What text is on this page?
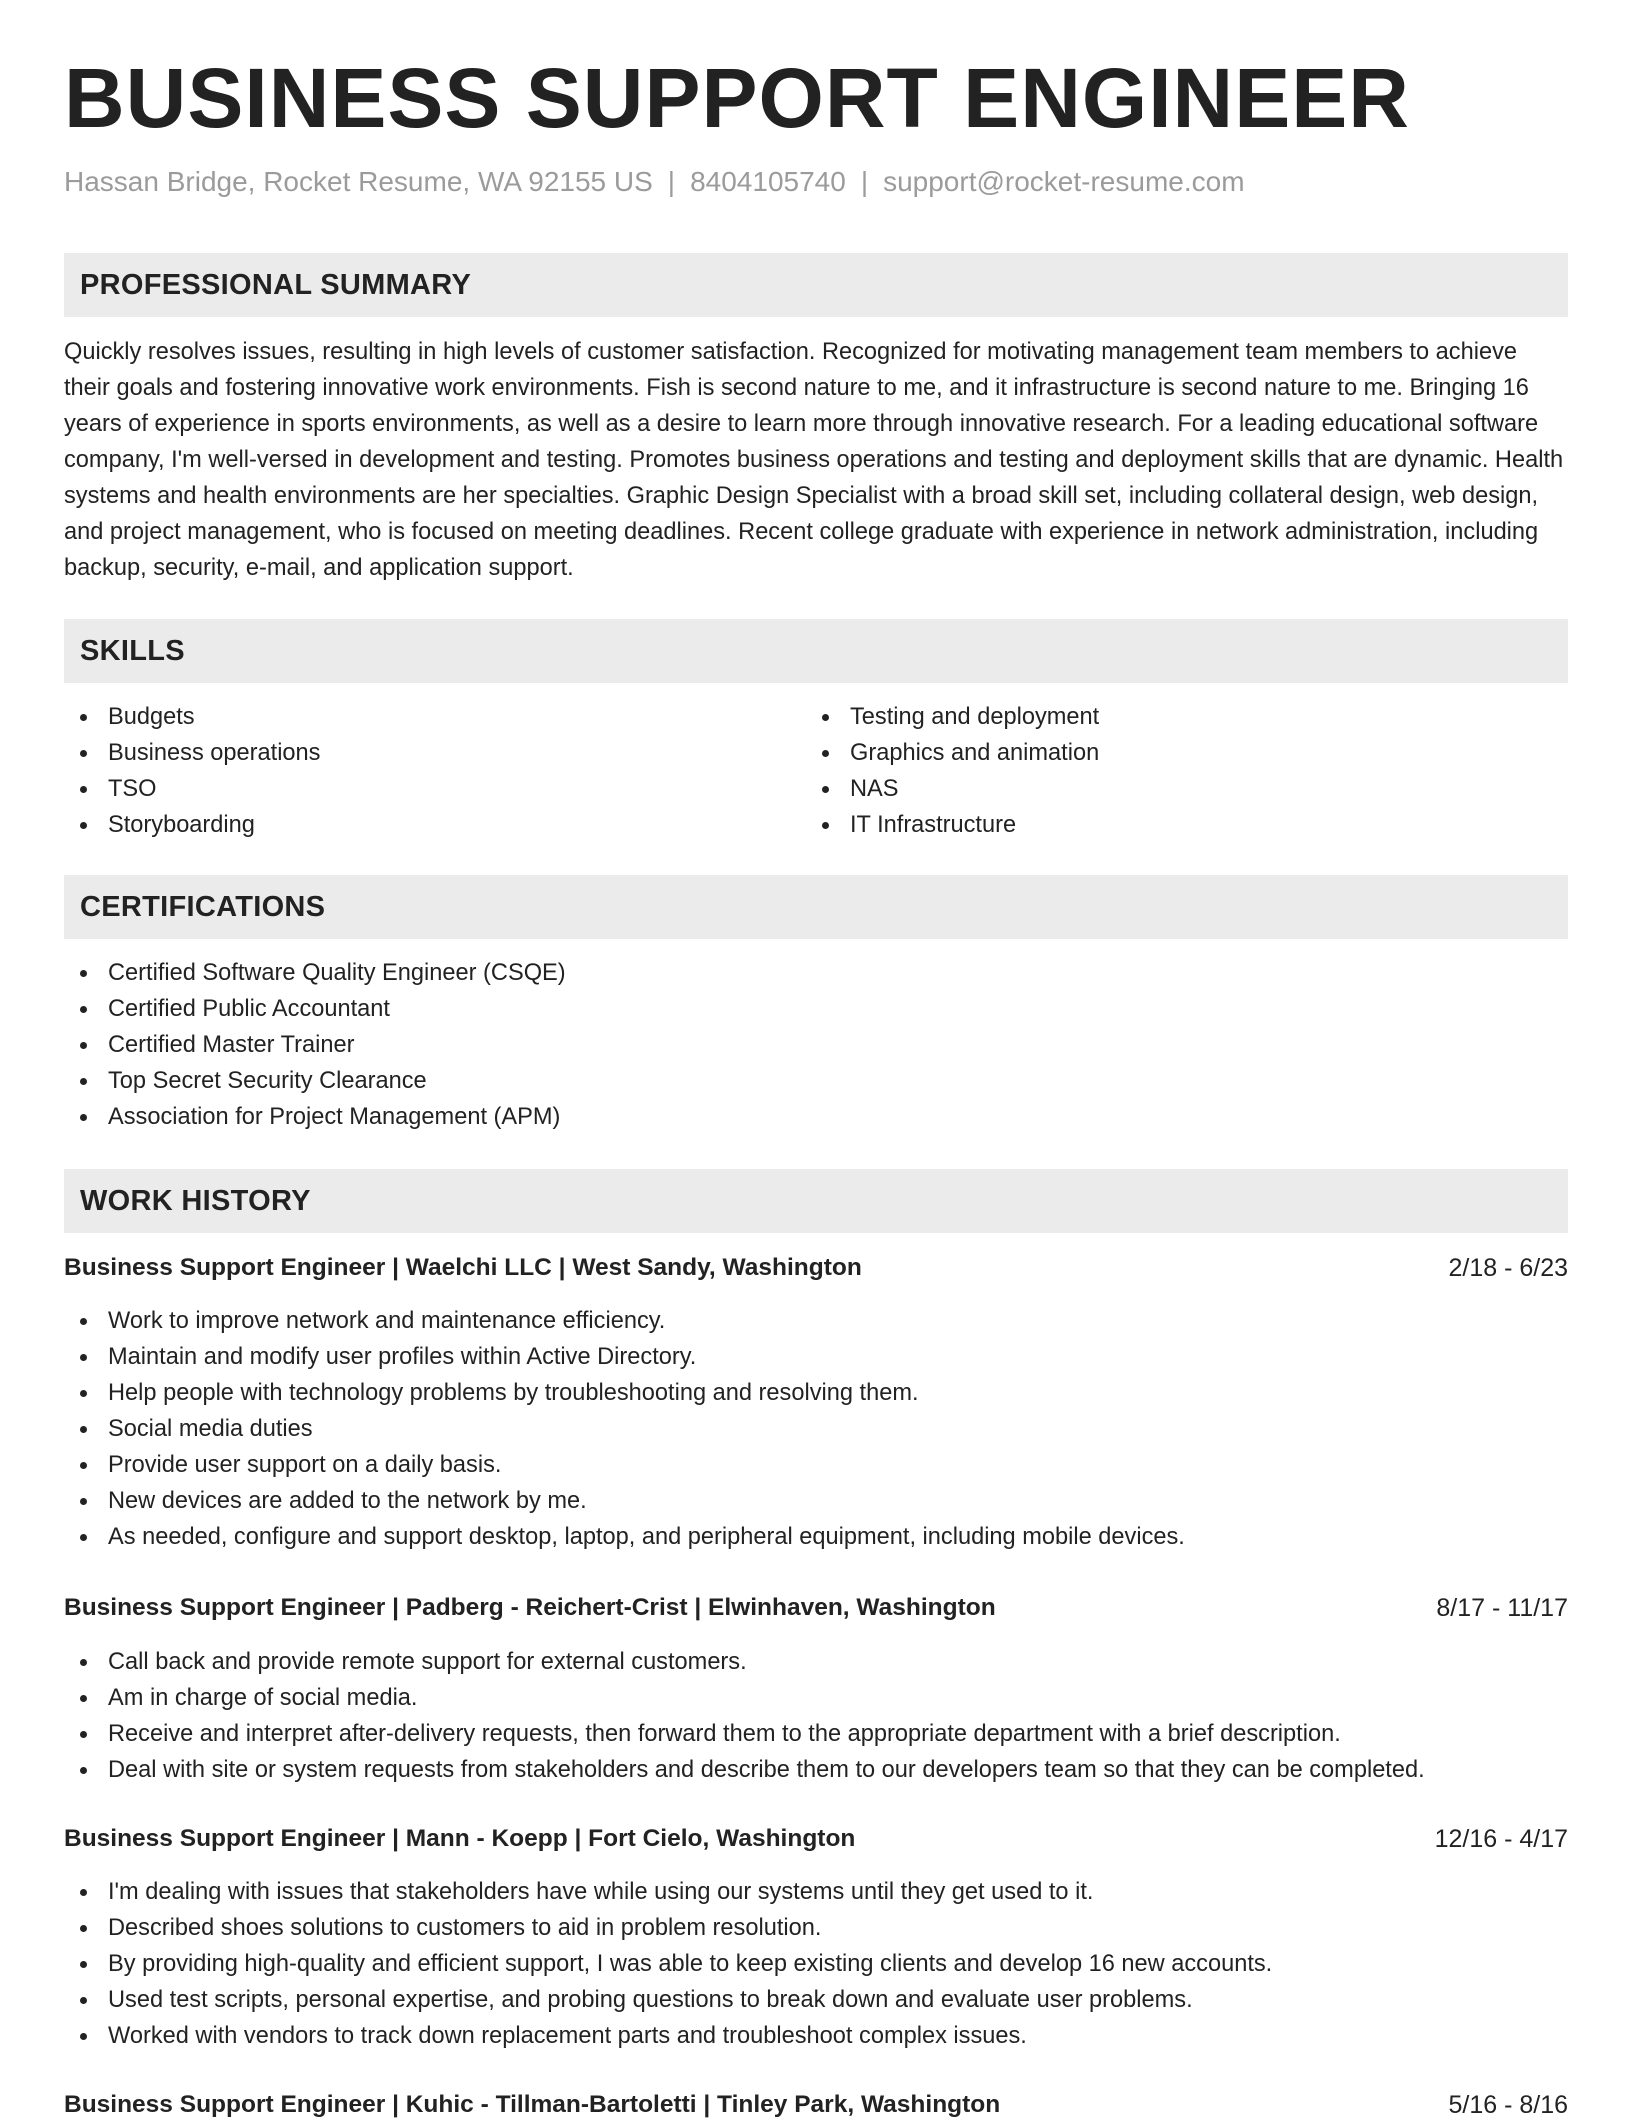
BUSINESS SUPPORT ENGINEER
Hassan Bridge, Rocket Resume, WA 92155 US | 8404105740 | support@rocket-resume.com
PROFESSIONAL SUMMARY

Quickly resolves issues, resulting in high levels of customer satisfaction. Recognized for motivating management team members to achieve their goals and fostering innovative work environments. Fish is second nature to me, and it infrastructure is second nature to me. Bringing 16 years of experience in sports environments, as well as a desire to learn more through innovative research. For a leading educational software company, I'm well-versed in development and testing. Promotes business operations and testing and deployment skills that are dynamic. Health systems and health environments are her specialties. Graphic Design Specialist with a broad skill set, including collateral design, web design, and project management, who is focused on meeting deadlines. Recent college graduate with experience in network administration, including backup, security, e-mail, and application support.

SKILLS
Budgets
Business operations
TSO
Storyboarding
Testing and deployment
Graphics and animation
NAS
IT Infrastructure
CERTIFICATIONS
Certified Software Quality Engineer (CSQE)
Certified Public Accountant
Certified Master Trainer
Top Secret Security Clearance
Association for Project Management (APM)
WORK HISTORY
Business Support Engineer | Waelchi LLC | West Sandy, Washington	2/18 - 6/23
Work to improve network and maintenance efficiency.
Maintain and modify user profiles within Active Directory.
Help people with technology problems by troubleshooting and resolving them.
Social media duties
Provide user support on a daily basis.
New devices are added to the network by me.
As needed, configure and support desktop, laptop, and peripheral equipment, including mobile devices.
Business Support Engineer | Padberg - Reichert-Crist | Elwinhaven, Washington	8/17 - 11/17
Call back and provide remote support for external customers.
Am in charge of social media.
Receive and interpret after-delivery requests, then forward them to the appropriate department with a brief description.
Deal with site or system requests from stakeholders and describe them to our developers team so that they can be completed.
Business Support Engineer | Mann - Koepp | Fort Cielo, Washington	12/16 - 4/17
I'm dealing with issues that stakeholders have while using our systems until they get used to it.
Described shoes solutions to customers to aid in problem resolution.
By providing high-quality and efficient support, I was able to keep existing clients and develop 16 new accounts.
Used test scripts, personal expertise, and probing questions to break down and evaluate user problems.
Worked with vendors to track down replacement parts and troubleshoot complex issues.
Business Support Engineer | Kuhic - Tillman-Bartoletti | Tinley Park, Washington	5/16 - 8/16
